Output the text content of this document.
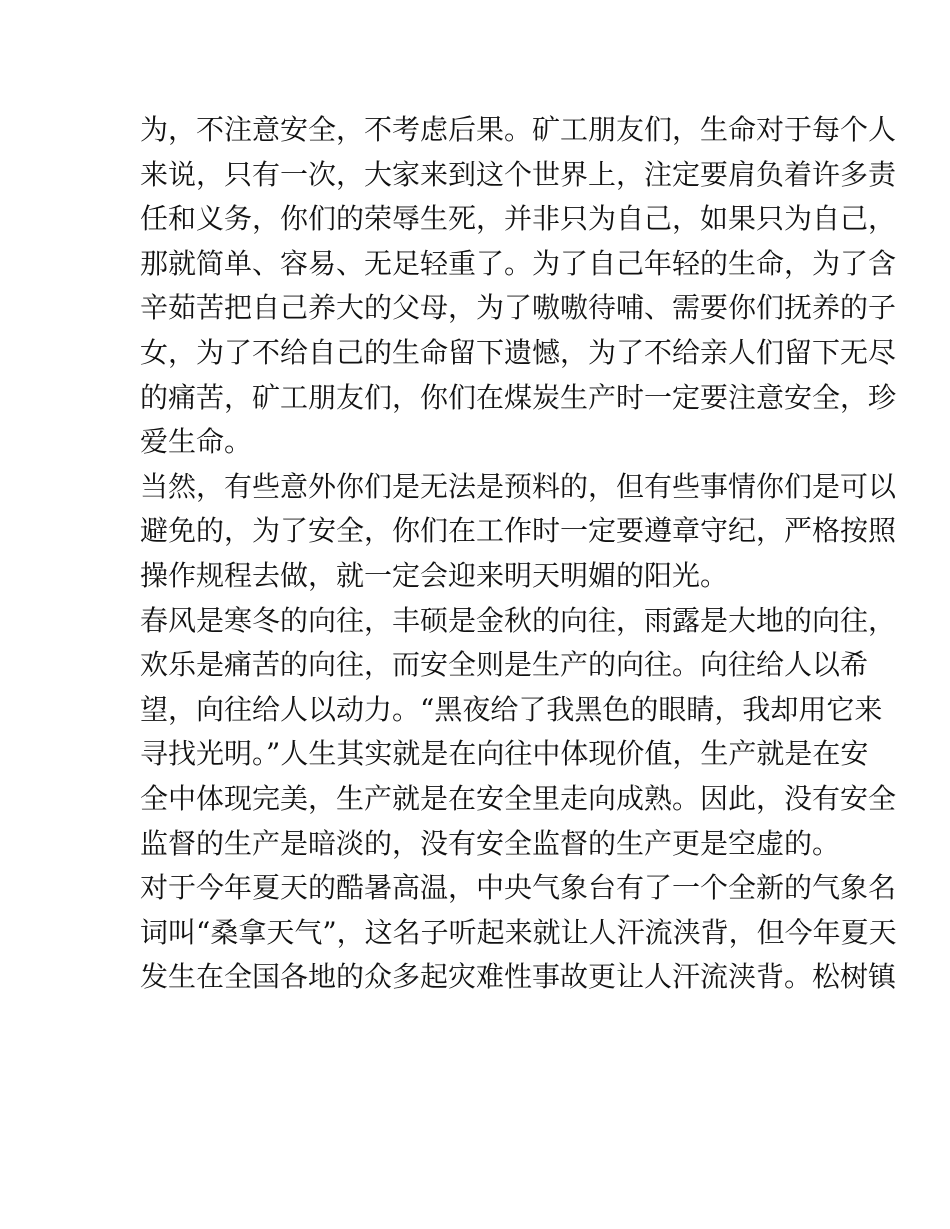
为，不注意安全，不考虑后果。矿工朋友们，生命对于每个人
来说，只有一次，大家来到这个世界上，注定要肩负着许多责
任和义务，你们的荣辱生死，并非只为自己，如果只为自己，
那就简单、容易、无足轻重了。为了自己年轻的生命，为了含
辛茹苦把自己养大的父母，为了嗷嗷待哺、需要你们抚养的子
女，为了不给自己的生命留下遗憾，为了不给亲人们留下无尽
的痛苦，矿工朋友们，你们在煤炭生产时一定要注意安全，珍
爱生命。
当然，有些意外你们是无法是预料的，但有些事情你们是可以
避免的，为了安全，你们在工作时一定要遵章守纪，严格按照
操作规程去做，就一定会迎来明天明媚的阳光。
春风是寒冬的向往，丰硕是金秋的向往，雨露是大地的向往，
欢乐是痛苦的向往，而安全则是生产的向往。向往给人以希
望，向往给人以动力。“黑夜给了我黑色的眼睛，我却用它来
寻找光明。”人生其实就是在向往中体现价值，生产就是在安
全中体现完美，生产就是在安全里走向成熟。因此，没有安全
监督的生产是暗淡的，没有安全监督的生产更是空虚的。
对于今年夏天的酷暑高温，中央气象台有了一个全新的气象名
词叫“桑拿天气”，这名子听起来就让人汗流浃背，但今年夏天
发生在全国各地的众多起灾难性事故更让人汗流浃背。松树镇
